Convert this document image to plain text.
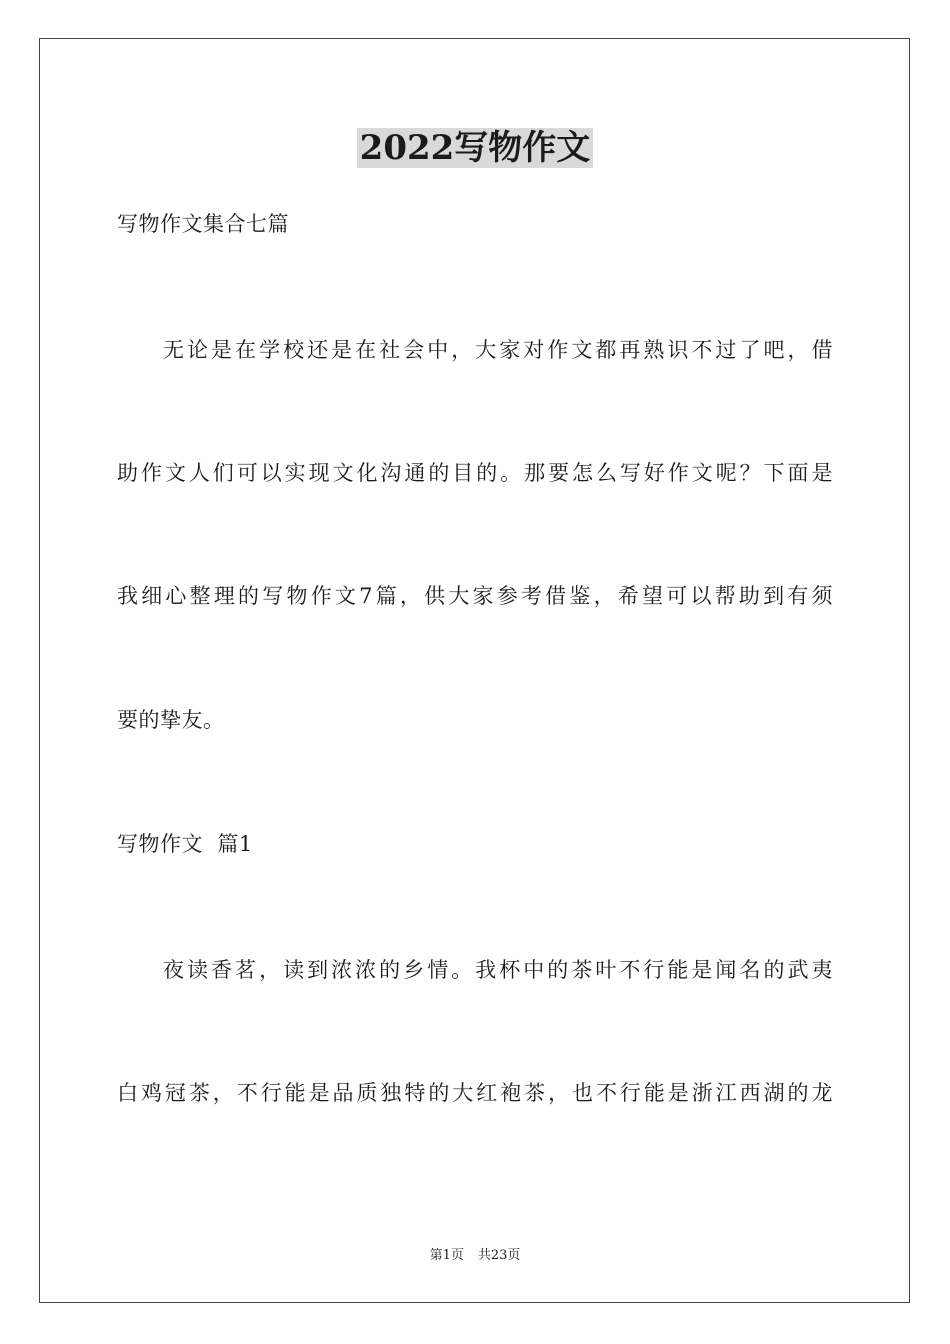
2022写物作文
写物作文集合七篇
无论是在学校还是在社会中，大家对作文都再熟识不过了吧，借
助作文人们可以实现文化沟通的目的。那要怎么写好作文呢？下面是
我细心整理的写物作文7篇，供大家参考借鉴，希望可以帮助到有须
要的挚友。
写物作文  篇1
夜读香茗，读到浓浓的乡情。我杯中的茶叶不行能是闻名的武夷
白鸡冠茶，不行能是品质独特的大红袍茶，也不行能是浙江西湖的龙
第1页 共23页
